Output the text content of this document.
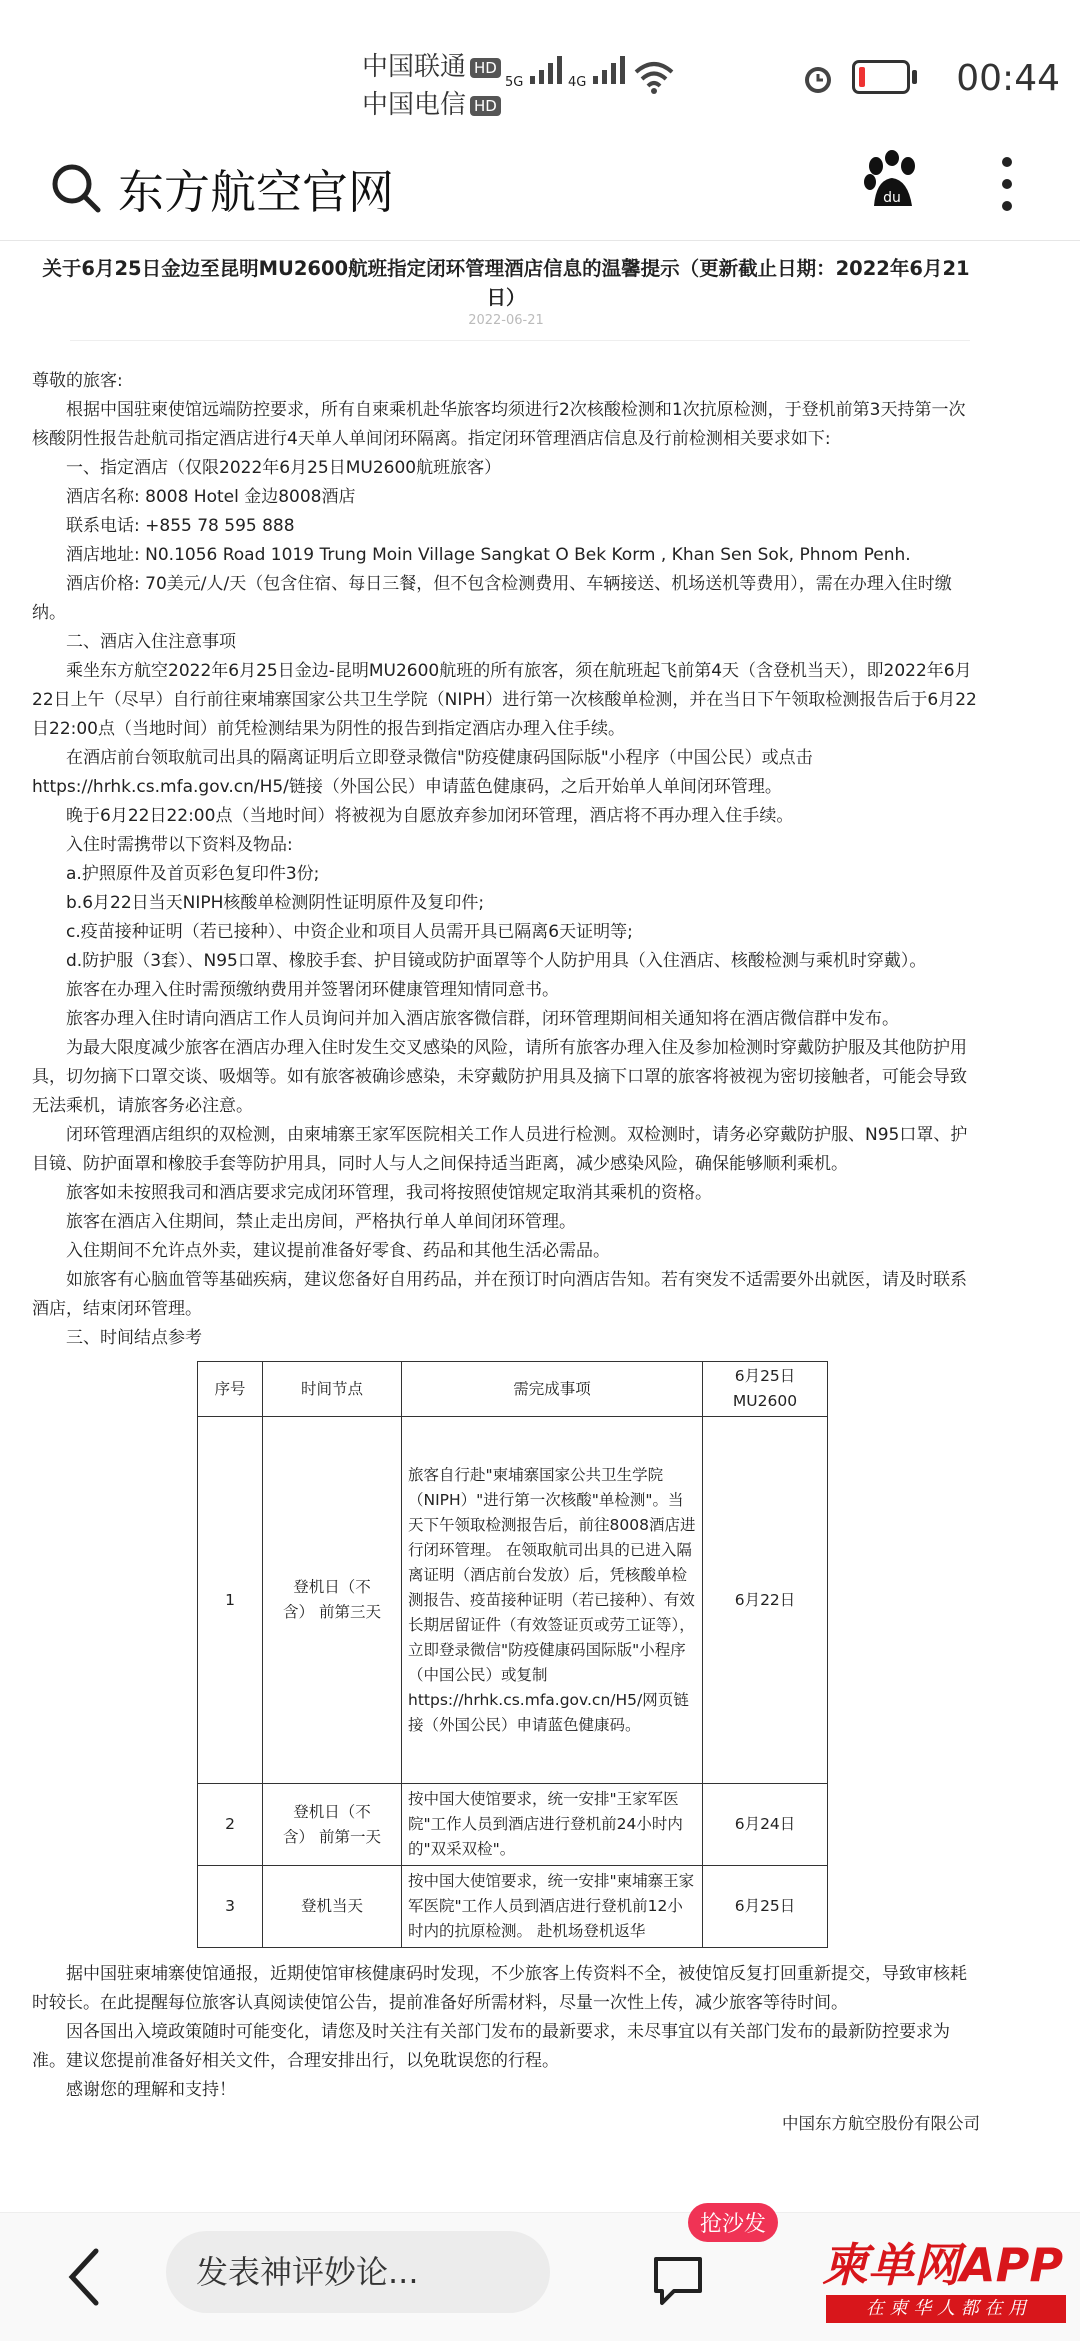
中国联通 HD
中国电信 HD
5G	4G	00:44
东方航空官网	du
关于6月25日金边至昆明MU2600航班指定闭环管理酒店信息的温馨提示（更新截止日期：2022年6月21日）
2022-06-21

尊敬的旅客:

根据中国驻柬使馆远端防控要求，所有自柬乘机赴华旅客均须进行2次核酸检测和1次抗原检测，于登机前第3天持第一次核酸阴性报告赴航司指定酒店进行4天单人单间闭环隔离。指定闭环管理酒店信息及行前检测相关要求如下:

一、指定酒店（仅限2022年6月25日MU2600航班旅客）

酒店名称: 8008 Hotel 金边8008酒店

联系电话: +855 78 595 888

酒店地址: N0.1056 Road 1019 Trung Moin Village Sangkat O Bek Korm , Khan Sen Sok, Phnom Penh.

酒店价格: 70美元/人/天（包含住宿、每日三餐，但不包含检测费用、车辆接送、机场送机等费用），需在办理入住时缴纳。

二、酒店入住注意事项

乘坐东方航空2022年6月25日金边-昆明MU2600航班的所有旅客，须在航班起飞前第4天（含登机当天），即2022年6月22日上午（尽早）自行前往柬埔寨国家公共卫生学院（NIPH）进行第一次核酸单检测，并在当日下午领取检测报告后于6月22日22:00点（当地时间）前凭检测结果为阴性的报告到指定酒店办理入住手续。

在酒店前台领取航司出具的隔离证明后立即登录微信"防疫健康码国际版"小程序（中国公民）或点击

https://hrhk.cs.mfa.gov.cn/H5/链接（外国公民）申请蓝色健康码，之后开始单人单间闭环管理。

晚于6月22日22:00点（当地时间）将被视为自愿放弃参加闭环管理，酒店将不再办理入住手续。

入住时需携带以下资料及物品:

a.护照原件及首页彩色复印件3份;

b.6月22日当天NIPH核酸单检测阴性证明原件及复印件;

c.疫苗接种证明（若已接种）、中资企业和项目人员需开具已隔离6天证明等;

d.防护服（3套）、N95口罩、橡胶手套、护目镜或防护面罩等个人防护用具（入住酒店、核酸检测与乘机时穿戴）。

旅客在办理入住时需预缴纳费用并签署闭环健康管理知情同意书。

旅客办理入住时请向酒店工作人员询问并加入酒店旅客微信群，闭环管理期间相关通知将在酒店微信群中发布。

为最大限度减少旅客在酒店办理入住时发生交叉感染的风险，请所有旅客办理入住及参加检测时穿戴防护服及其他防护用具，切勿摘下口罩交谈、吸烟等。如有旅客被确诊感染，未穿戴防护用具及摘下口罩的旅客将被视为密切接触者，可能会导致无法乘机，请旅客务必注意。

闭环管理酒店组织的双检测，由柬埔寨王家军医院相关工作人员进行检测。双检测时，请务必穿戴防护服、N95口罩、护目镜、防护面罩和橡胶手套等防护用具，同时人与人之间保持适当距离，减少感染风险，确保能够顺利乘机。

旅客如未按照我司和酒店要求完成闭环管理，我司将按照使馆规定取消其乘机的资格。

旅客在酒店入住期间，禁止走出房间，严格执行单人单间闭环管理。

入住期间不允许点外卖，建议提前准备好零食、药品和其他生活必需品。

如旅客有心脑血管等基础疾病，建议您备好自用药品，并在预订时向酒店告知。若有突发不适需要外出就医，请及时联系酒店，结束闭环管理。

三、时间结点参考

序号	时间节点	需完成事项	6月25日 MU2600
1	登机日（不含） 前第三天	旅客自行赴"柬埔寨国家公共卫生学院（NIPH）"进行第一次核酸"单检测"。当天下午领取检测报告后，前往8008酒店进行闭环管理。 在领取航司出具的已进入隔离证明（酒店前台发放）后，凭核酸单检测报告、疫苗接种证明（若已接种）、有效长期居留证件（有效签证页或劳工证等），立即登录微信"防疫健康码国际版"小程序（中国公民）或复制https://hrhk.cs.mfa.gov.cn/H5/网页链接（外国公民）申请蓝色健康码。	6月22日
2	登机日（不含） 前第一天	按中国大使馆要求，统一安排"王家军医院"工作人员到酒店进行登机前24小时内的"双采双检"。	6月24日
3	登机当天	按中国大使馆要求，统一安排"柬埔寨王家军医院"工作人员到酒店进行登机前12小时内的抗原检测。 赴机场登机返华	6月25日

据中国驻柬埔寨使馆通报，近期使馆审核健康码时发现，不少旅客上传资料不全，被使馆反复打回重新提交，导致审核耗时较长。在此提醒每位旅客认真阅读使馆公告，提前准备好所需材料，尽量一次性上传，减少旅客等待时间。

因各国出入境政策随时可能变化，请您及时关注有关部门发布的最新要求，未尽事宜以有关部门发布的最新防控要求为准。建议您提前准备好相关文件，合理安排出行，以免耽误您的行程。

感谢您的理解和支持！

中国东方航空股份有限公司
发表神评妙论...
抢沙发
柬单网APP
在 柬 华 人 都 在 用
